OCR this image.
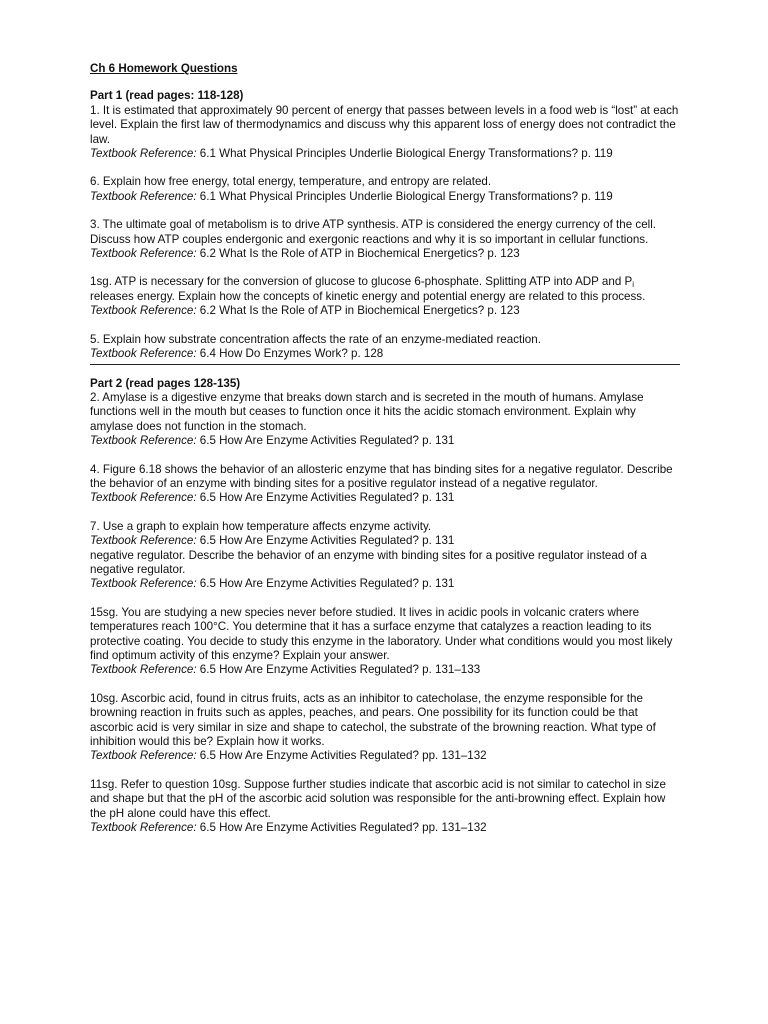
Ch 6 Homework Questions
Part 1 (read pages: 118-128)
1. It is estimated that approximately 90 percent of energy that passes between levels in a food web is “lost” at each level. Explain the first law of thermodynamics and discuss why this apparent loss of energy does not contradict the law.
Textbook Reference: 6.1 What Physical Principles Underlie Biological Energy Transformations? p. 119
6. Explain how free energy, total energy, temperature, and entropy are related.
Textbook Reference: 6.1 What Physical Principles Underlie Biological Energy Transformations? p. 119
3. The ultimate goal of metabolism is to drive ATP synthesis. ATP is considered the energy currency of the cell. Discuss how ATP couples endergonic and exergonic reactions and why it is so important in cellular functions.
Textbook Reference: 6.2 What Is the Role of ATP in Biochemical Energetics? p. 123
1sg. ATP is necessary for the conversion of glucose to glucose 6-phosphate. Splitting ATP into ADP and $P_i$ releases energy. Explain how the concepts of kinetic energy and potential energy are related to this process.
Textbook Reference: 6.2 What Is the Role of ATP in Biochemical Energetics? p. 123
5. Explain how substrate concentration affects the rate of an enzyme-mediated reaction.
Textbook Reference: 6.4 How Do Enzymes Work? p. 128
Part 2 (read pages 128-135)
2. Amylase is a digestive enzyme that breaks down starch and is secreted in the mouth of humans. Amylase functions well in the mouth but ceases to function once it hits the acidic stomach environment. Explain why amylase does not function in the stomach.
Textbook Reference: 6.5 How Are Enzyme Activities Regulated? p. 131
4. Figure 6.18 shows the behavior of an allosteric enzyme that has binding sites for a negative regulator. Describe the behavior of an enzyme with binding sites for a positive regulator instead of a negative regulator.
Textbook Reference: 6.5 How Are Enzyme Activities Regulated? p. 131
7. Use a graph to explain how temperature affects enzyme activity.
Textbook Reference: 6.5 How Are Enzyme Activities Regulated? p. 131
negative regulator. Describe the behavior of an enzyme with binding sites for a positive regulator instead of a negative regulator.
Textbook Reference: 6.5 How Are Enzyme Activities Regulated? p. 131
15sg. You are studying a new species never before studied. It lives in acidic pools in volcanic craters where temperatures reach 100°C. You determine that it has a surface enzyme that catalyzes a reaction leading to its protective coating. You decide to study this enzyme in the laboratory. Under what conditions would you most likely find optimum activity of this enzyme? Explain your answer.
Textbook Reference: 6.5 How Are Enzyme Activities Regulated? p. 131–133
10sg. Ascorbic acid, found in citrus fruits, acts as an inhibitor to catecholase, the enzyme responsible for the browning reaction in fruits such as apples, peaches, and pears. One possibility for its function could be that ascorbic acid is very similar in size and shape to catechol, the substrate of the browning reaction. What type of inhibition would this be? Explain how it works.
Textbook Reference: 6.5 How Are Enzyme Activities Regulated? pp. 131–132
11sg. Refer to question 10sg. Suppose further studies indicate that ascorbic acid is not similar to catechol in size and shape but that the pH of the ascorbic acid solution was responsible for the anti-browning effect. Explain how the pH alone could have this effect.
Textbook Reference: 6.5 How Are Enzyme Activities Regulated? pp. 131–132
